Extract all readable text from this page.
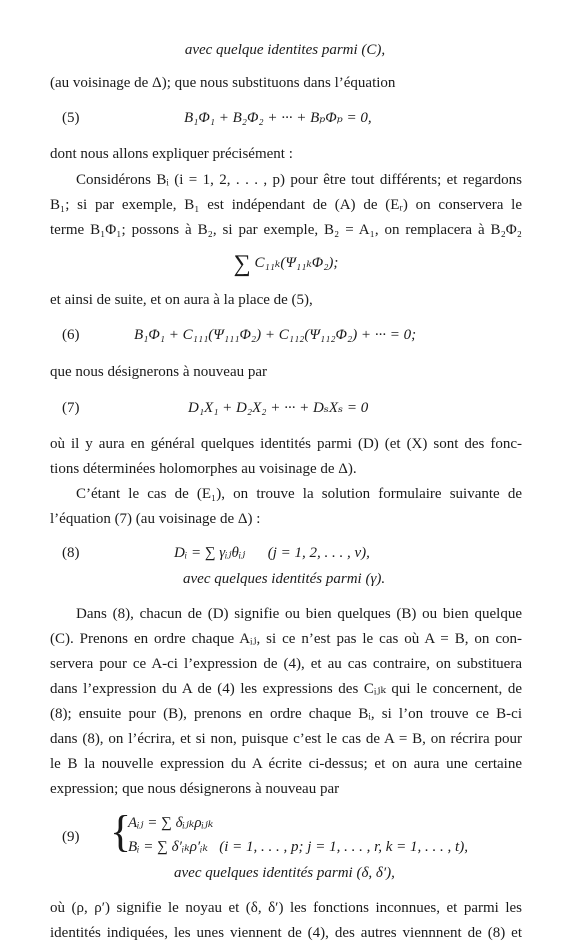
avec quelque identites parmi (C),
(au voisinage de Δ); que nous substituons dans l’équation
(5)	B₁Φ₁ + B₂Φ₂ + ··· + BₚΦₚ = 0,
dont nous allons expliquer précisément :
Considérons Bᵢ (i = 1, 2, . . . , p) pour être tout différents; et regardons
B₁; si par exemple, B₁ est indépendant de (A) de (Eᵣ) on conservera le
terme B₁Φ₁; possons à B₂, si par exemple, B₂ = A₁, on remplacera à B₂Φ₂
∑ C₁₁ₖ(Ψ₁₁ₖΦ₂);
et ainsi de suite, et on aura à la place de (5),
(6)	B₁Φ₁ + C₁₁₁(Ψ₁₁₁Φ₂) + C₁₁₂(Ψ₁₁₂Φ₂) + ··· = 0;
que nous désignerons à nouveau par
(7)	D₁X₁ + D₂X₂ + ··· + DₛXₛ = 0
où il y aura en général quelques identités parmi (D) (et (X) sont des fonc-
tions déterminées holomorphes au voisinage de Δ).
C’étant le cas de (E₁), on trouve la solution formulaire suivante de
l’équation (7) (au voisinage de Δ) :
(8)	Dᵢ = ∑ γᵢⱼθᵢⱼ      (j = 1, 2, . . . , ν),
avec quelques identités parmi (γ).
Dans (8), chacun de (D) signifie ou bien quelques (B) ou bien quelque
(C). Prenons en ordre chaque Aᵢⱼ, si ce n’est pas le cas où A = B, on con-
servera pour ce A-ci l’expression de (4), et au cas contraire, on substituera
dans l’expression du A de (4) les expressions des Cᵢⱼₖ qui le concernent, de
(8); ensuite pour (B), prenons en ordre chaque Bᵢ, si l’on trouve ce B-ci
dans (8), on l’écrira, et si non, puisque c’est le cas de A = B, on récrira pour
le B la nouvelle expression du A écrite ci-dessus; et on aura une certaine
expression; que nous désignerons à nouveau par
(9) {
Aᵢⱼ = ∑ δᵢⱼₖρᵢⱼₖ
Bᵢ = ∑ δ′ᵢₖρ′ᵢₖ   (i = 1, . . . , p; j = 1, . . . , r, k = 1, . . . , t),
avec quelques identités parmi (δ, δ′),
où (ρ, ρ′) signifie le noyau et (δ, δ′) les fonctions inconnues, et parmi les
identités indiquées, les unes viennent de (4), des autres viennnent de (8) et
